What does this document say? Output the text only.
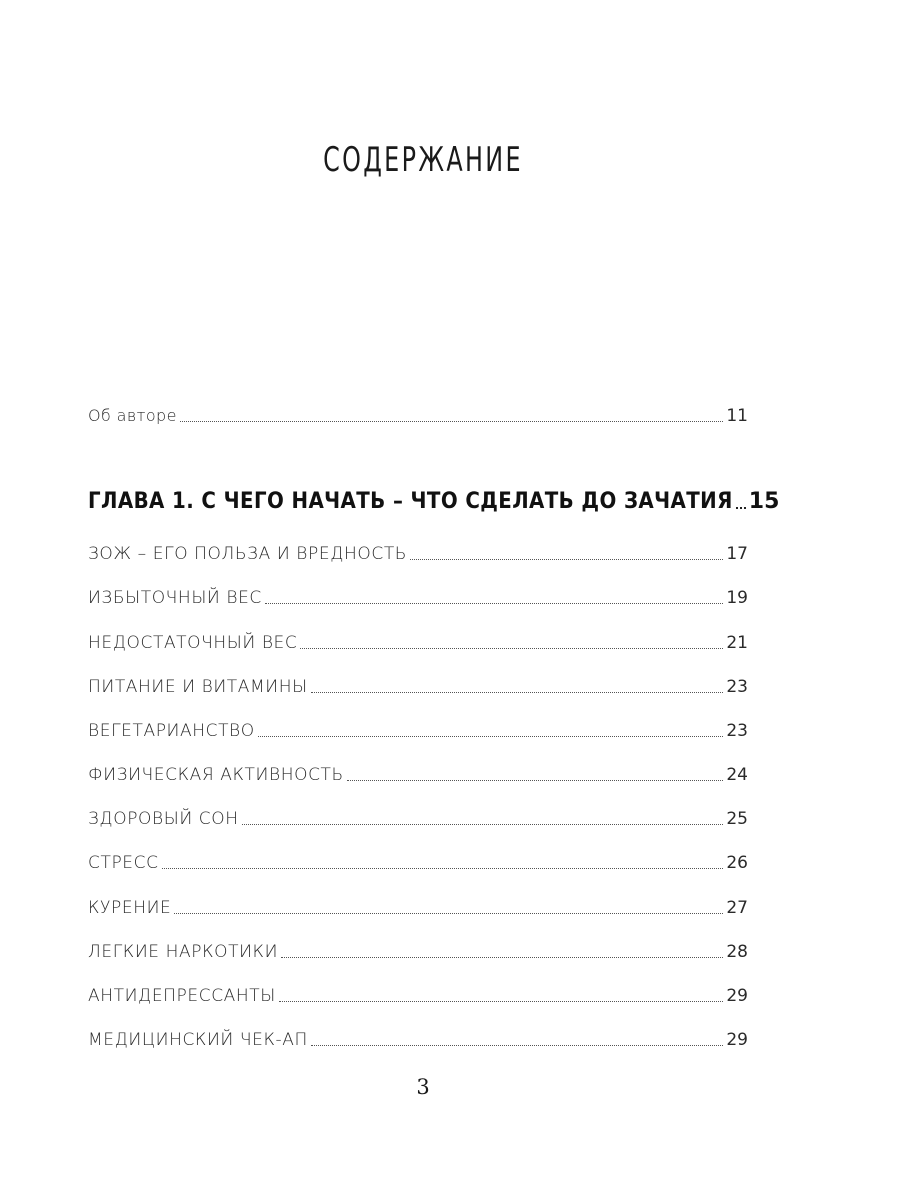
СОДЕРЖАНИЕ
Об авторе	11
ГЛАВА 1. С ЧЕГО НАЧАТЬ – ЧТО СДЕЛАТЬ ДО ЗАЧАТИЯ 15
ЗОЖ – ЕГО ПОЛЬЗА И ВРЕДНОСТЬ	17
ИЗБЫТОЧНЫЙ ВЕС	19
НЕДОСТАТОЧНЫЙ ВЕС	21
ПИТАНИЕ И ВИТАМИНЫ	23
ВЕГЕТАРИАНСТВО	23
ФИЗИЧЕСКАЯ АКТИВНОСТЬ	24
ЗДОРОВЫЙ СОН	25
СТРЕСС	26
КУРЕНИЕ	27
ЛЕГКИЕ НАРКОТИКИ	28
АНТИДЕПРЕССАНТЫ	29
МЕДИЦИНСКИЙ ЧЕК-АП	29
3
